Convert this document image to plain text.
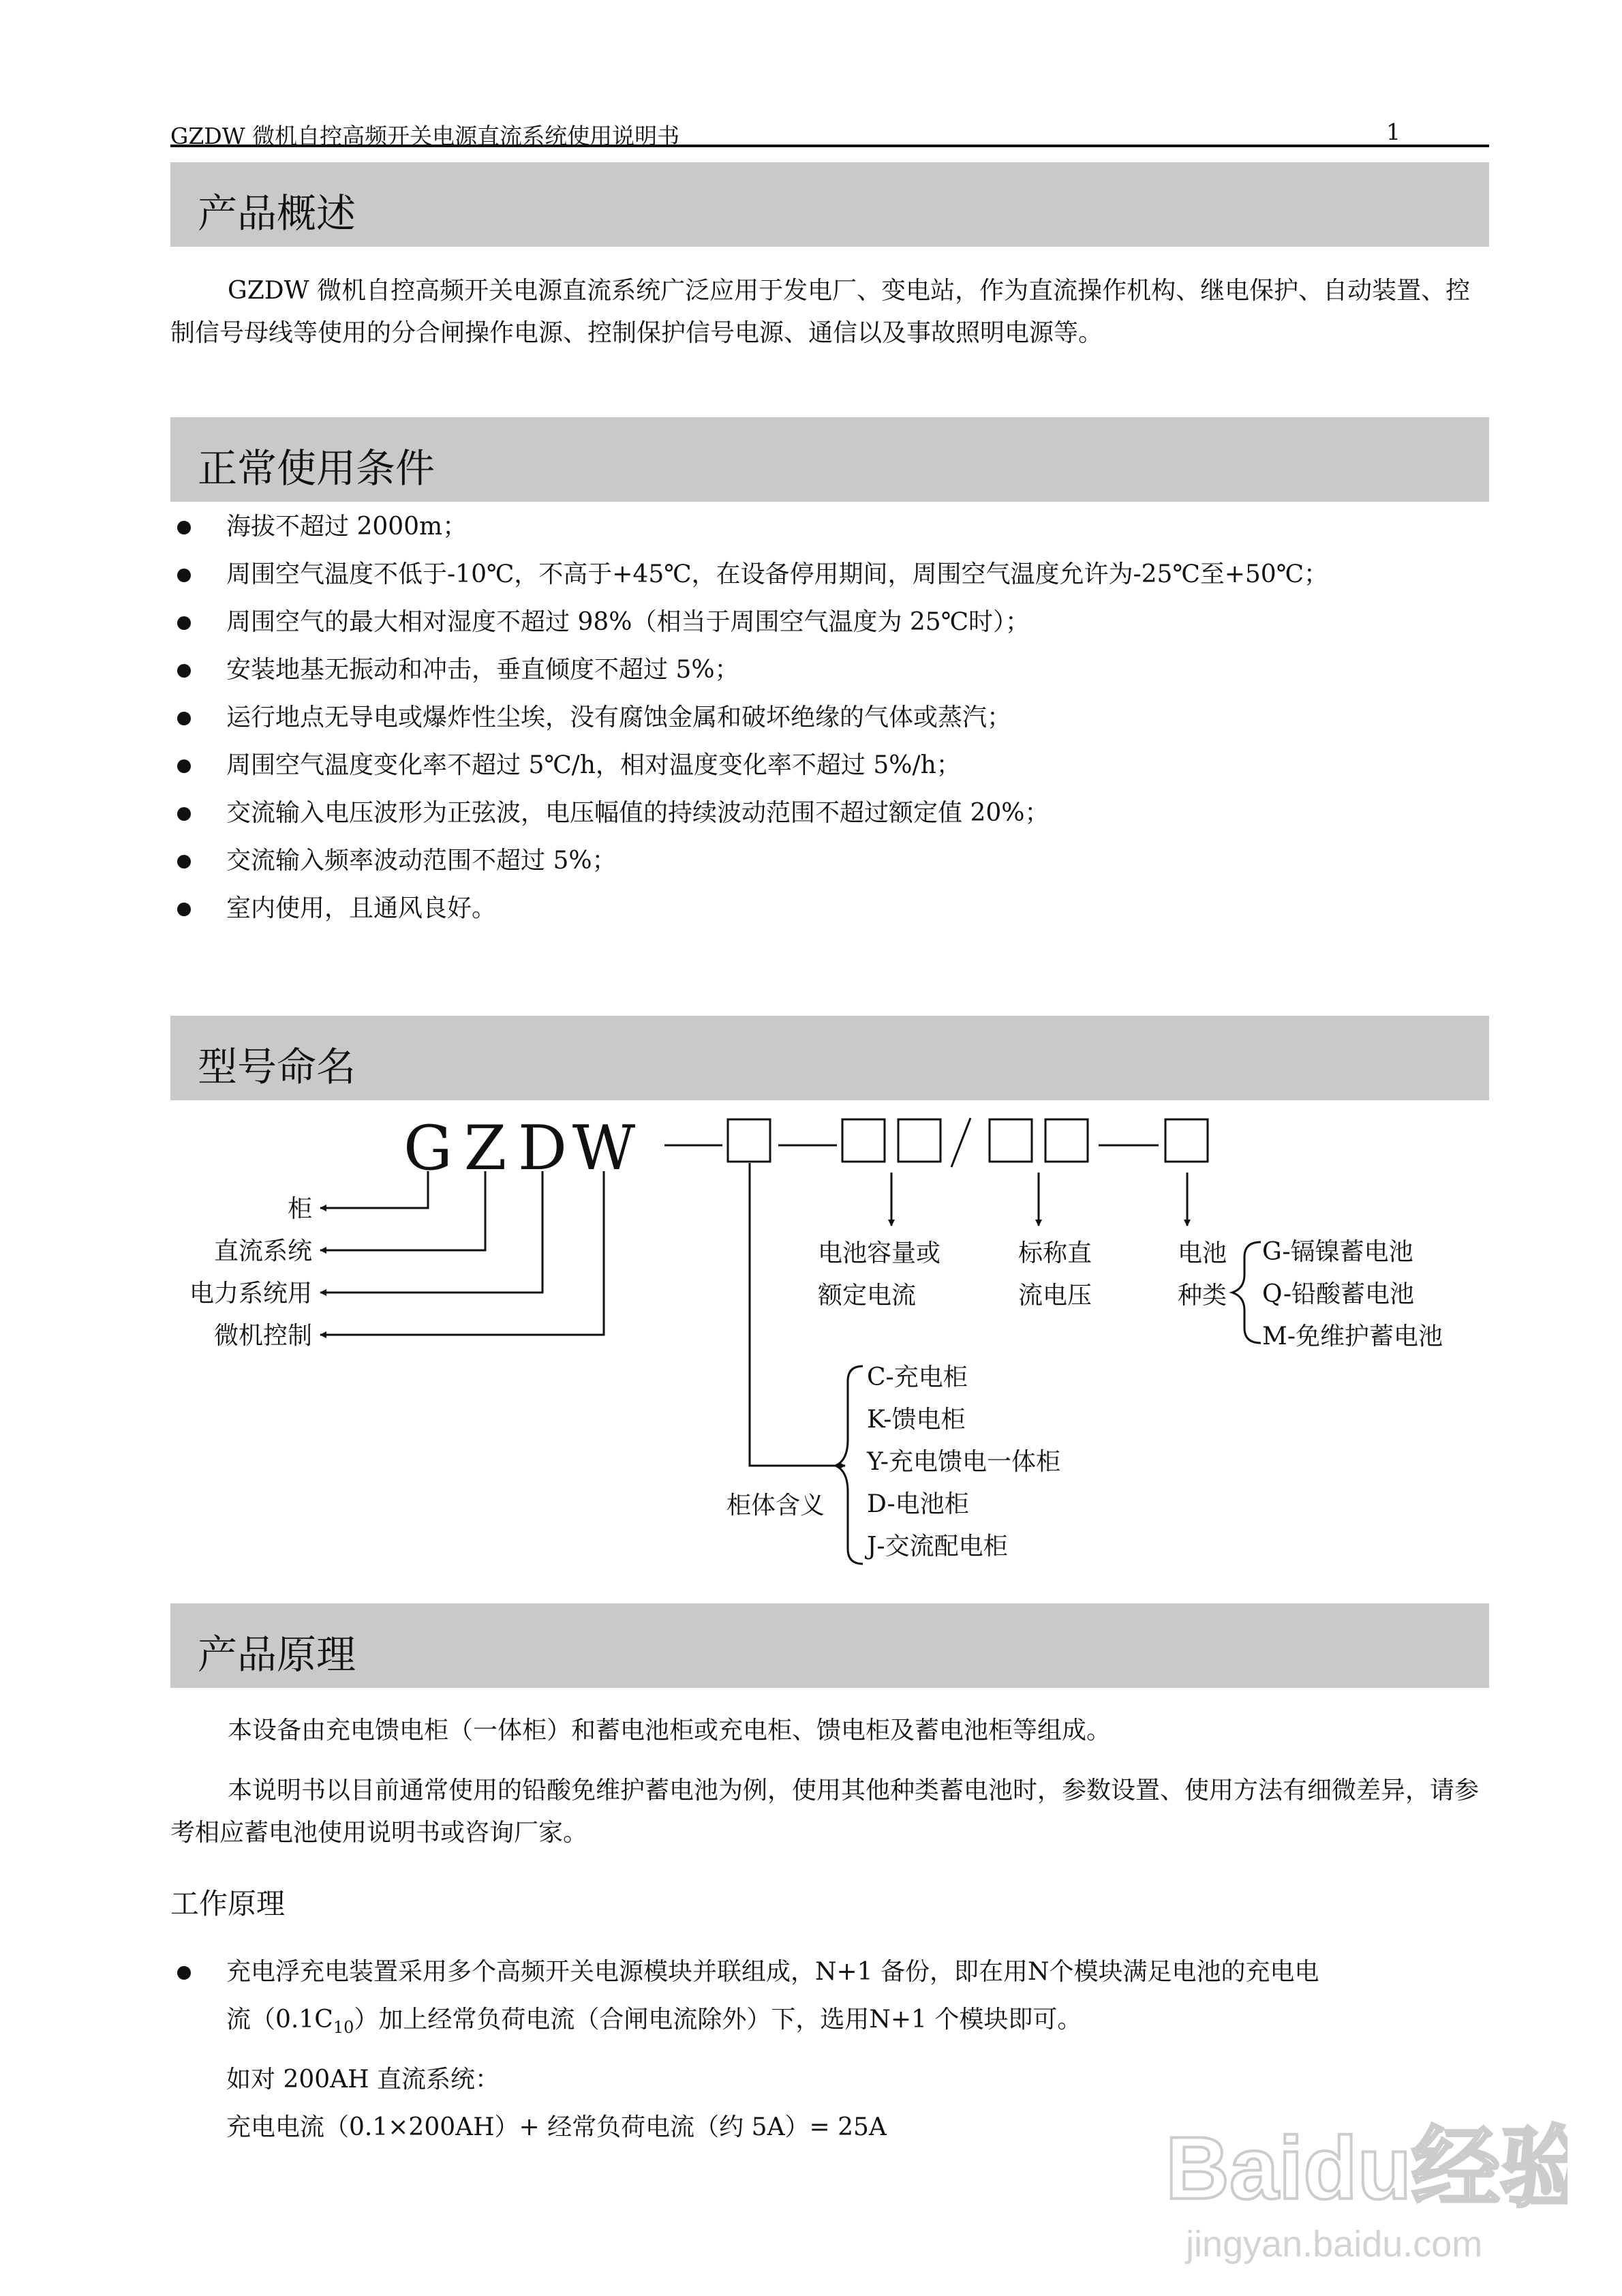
GZDW 微机自控高频开关电源直流系统使用说明书	1
产品概述

GZDW 微机自控高频开关电源直流系统广泛应用于发电厂、变电站，作为直流操作机构、继电保护、自动装置、控制信号母线等使用的分合闸操作电源、控制保护信号电源、通信以及事故照明电源等。

正常使用条件
海拔不超过 2000m；
周围空气温度不低于-10℃，不高于+45℃，在设备停用期间，周围空气温度允许为-25℃至+50℃；
周围空气的最大相对湿度不超过 98%（相当于周围空气温度为 25℃时）；
安装地基无振动和冲击，垂直倾度不超过 5%；
运行地点无导电或爆炸性尘埃，没有腐蚀金属和破坏绝缘的气体或蒸汽；
周围空气温度变化率不超过 5℃/h，相对温度变化率不超过 5%/h；
交流输入电压波形为正弦波，电压幅值的持续波动范围不超过额定值 20%；
交流输入频率波动范围不超过 5%；
室内使用，且通风良好。
型号命名
G Z D W
柜
直流系统
电力系统用
微机控制
电池容量或
额定电流
标称直
流电压
电池
种类
G-镉镍蓄电池
Q-铅酸蓄电池
M-免维护蓄电池
C-充电柜
K-馈电柜
Y-充电馈电一体柜
D-电池柜
J-交流配电柜
柜体含义
产品原理

本设备由充电馈电柜（一体柜）和蓄电池柜或充电柜、馈电柜及蓄电池柜等组成。

本说明书以目前通常使用的铅酸免维护蓄电池为例，使用其他种类蓄电池时，参数设置、使用方法有细微差异，请参考相应蓄电池使用说明书或咨询厂家。

工作原理
充电浮充电装置采用多个高频开关电源模块并联组成，N+1 备份，即在用N个模块满足电池的充电电
流$(0.1C_{10})$加上经常负荷电流（合闸电流除外）下，选用N+1 个模块即可。
如对 200AH 直流系统：
充电电流（0.1×200AH）+ 经常负荷电流（约 5A）= 25A	Baidu经验
jingyan.baidu.com
